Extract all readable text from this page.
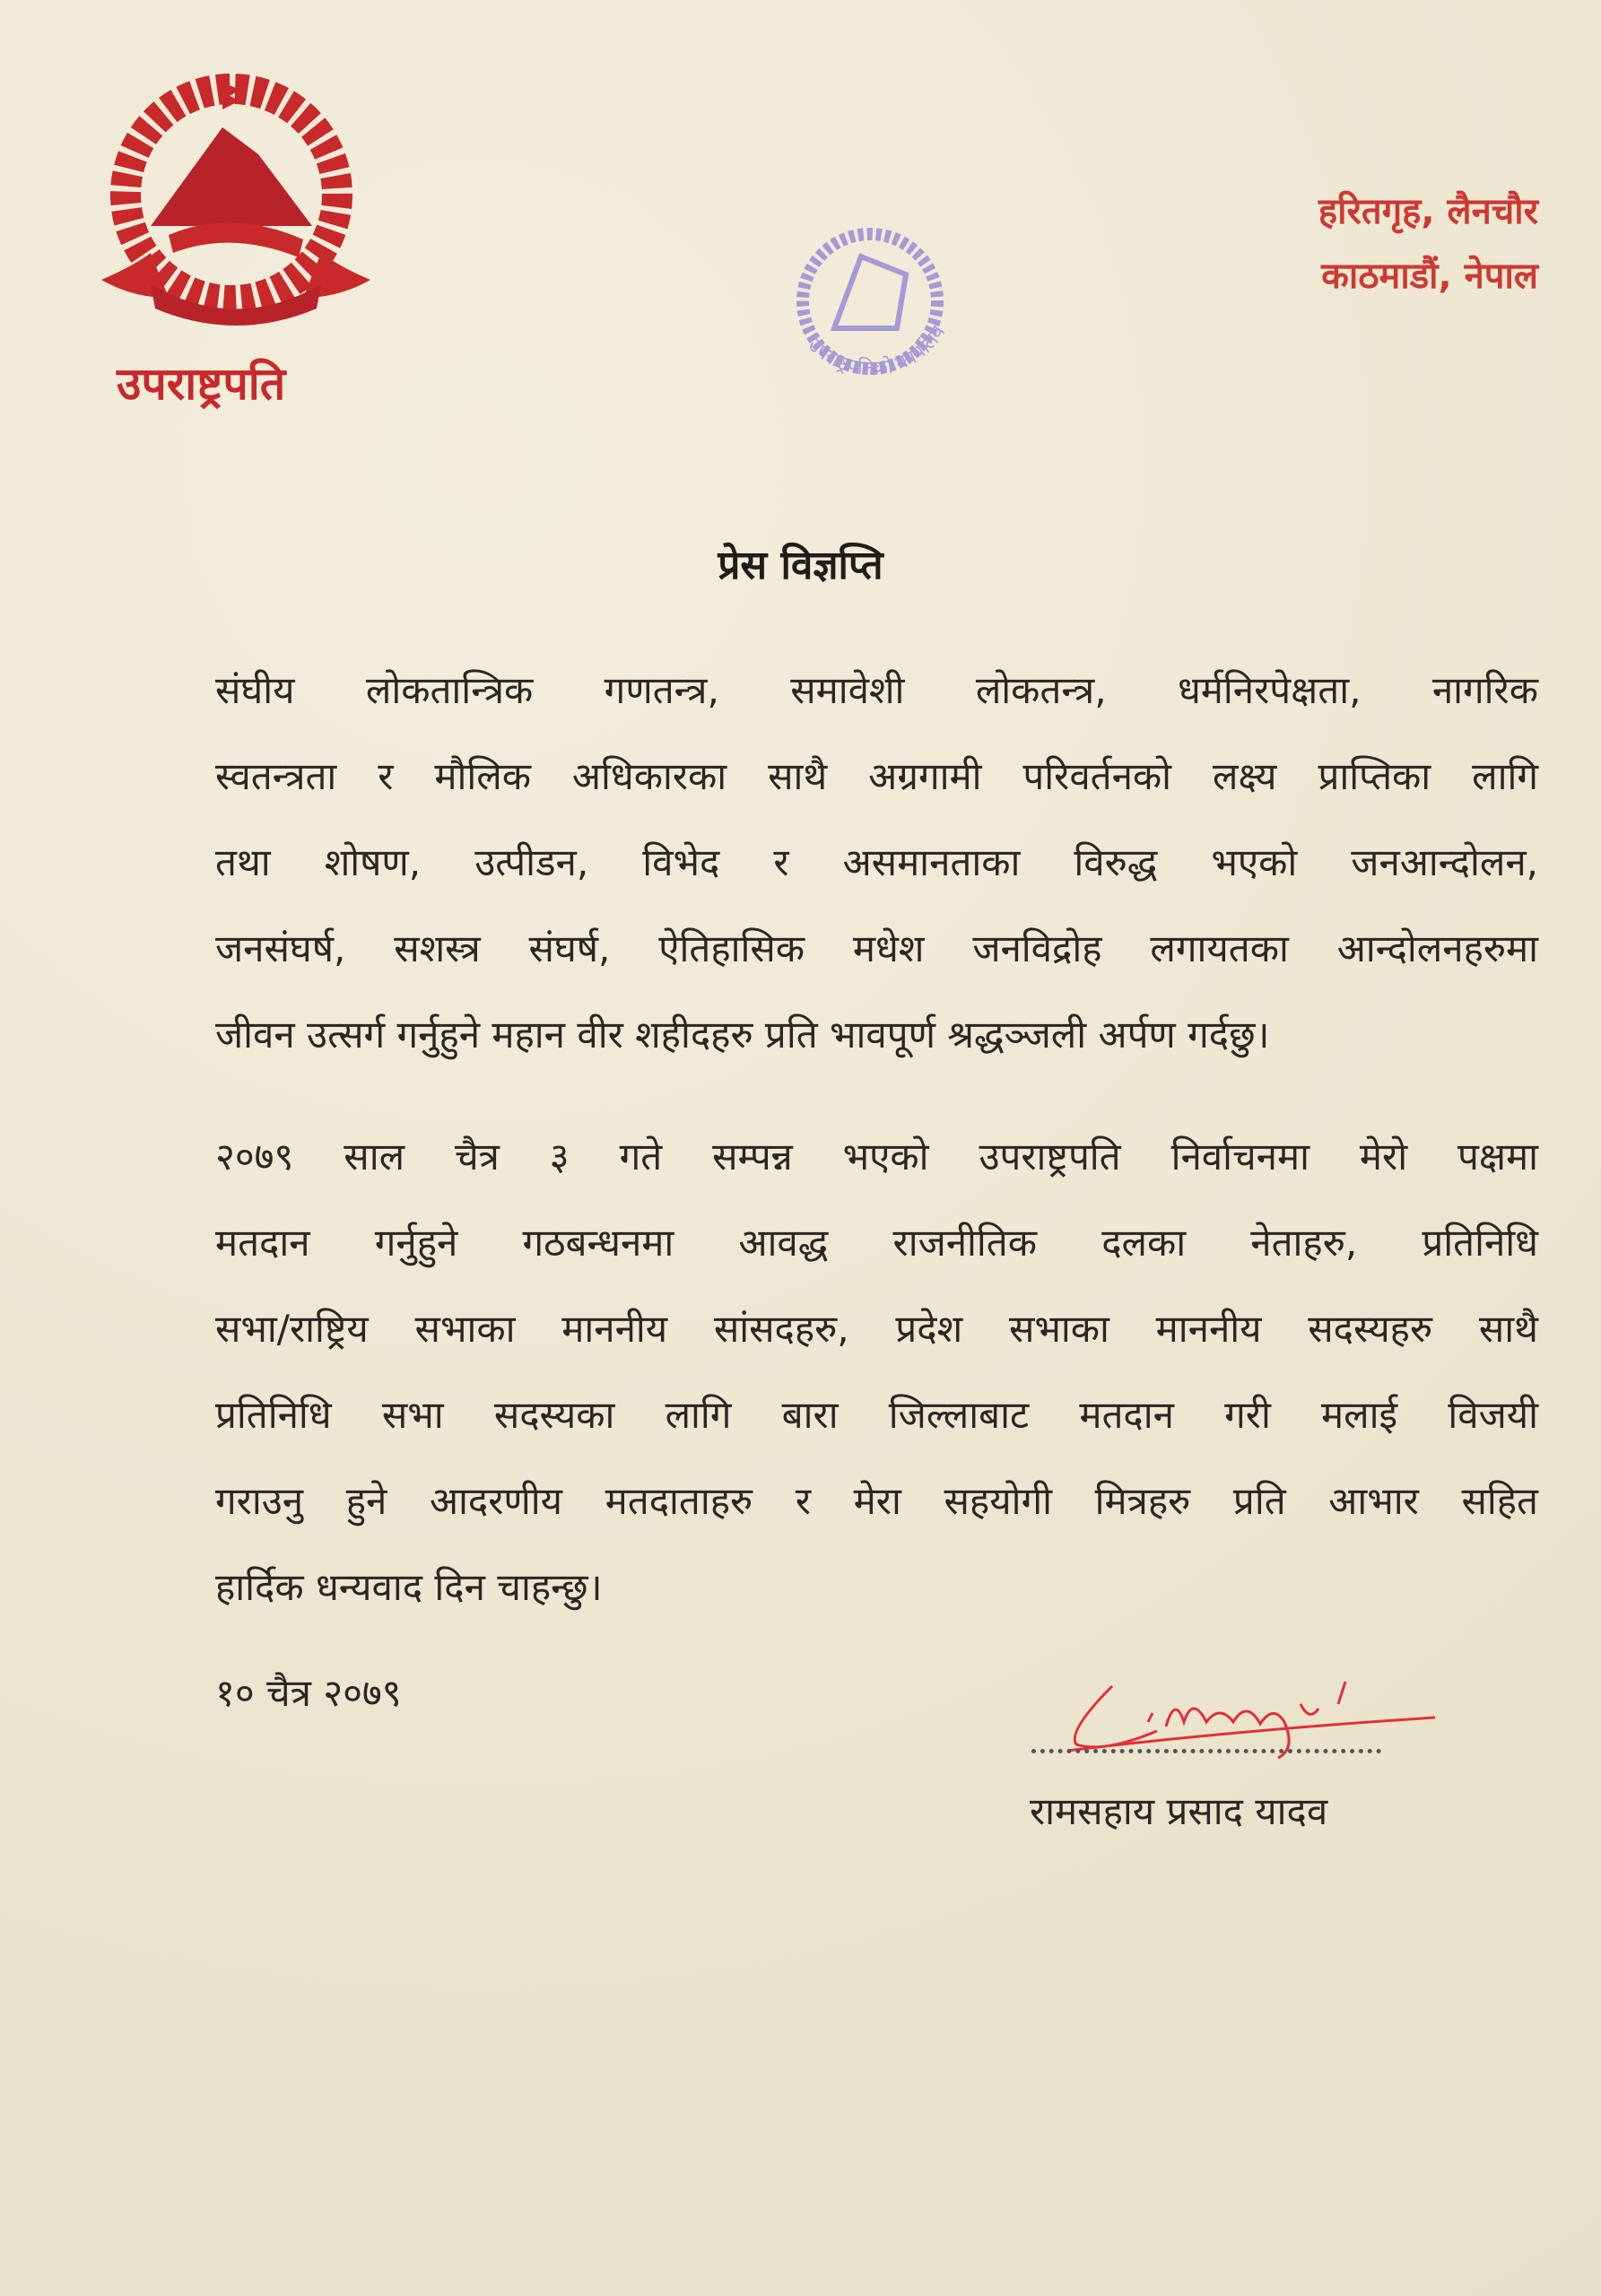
उपराष्ट्रपति
हरितगृह, लैनचौर
काठमाडौं, नेपाल
उपराष्ट्रपतिको कार्यालय
प्रेस विज्ञप्ति
संघीय लोकतान्त्रिक गणतन्त्र, समावेशी लोकतन्त्र, धर्मनिरपेक्षता, नागरिक
स्वतन्त्रता र मौलिक अधिकारका साथै अग्रगामी परिवर्तनको लक्ष्य प्राप्तिका लागि
तथा शोषण, उत्पीडन, विभेद र असमानताका विरुद्ध भएको जनआन्दोलन,
जनसंघर्ष, सशस्त्र संघर्ष, ऐतिहासिक मधेश जनविद्रोह लगायतका आन्दोलनहरुमा
जीवन उत्सर्ग गर्नुहुने महान वीर शहीदहरु प्रति भावपूर्ण श्रद्धञ्जली अर्पण गर्दछु।
२०७९ साल चैत्र ३ गते सम्पन्न भएको उपराष्ट्रपति निर्वाचनमा मेरो पक्षमा
मतदान गर्नुहुने गठबन्धनमा आवद्ध राजनीतिक दलका नेताहरु, प्रतिनिधि
सभा/राष्ट्रिय सभाका माननीय सांसदहरु, प्रदेश सभाका माननीय सदस्यहरु साथै
प्रतिनिधि सभा सदस्यका लागि बारा जिल्लाबाट मतदान गरी मलाई विजयी
गराउनु हुने आदरणीय मतदाताहरु र मेरा सहयोगी मित्रहरु प्रति आभार सहित
हार्दिक धन्यवाद दिन चाहन्छु।
१० चैत्र २०७९
रामसहाय प्रसाद यादव
